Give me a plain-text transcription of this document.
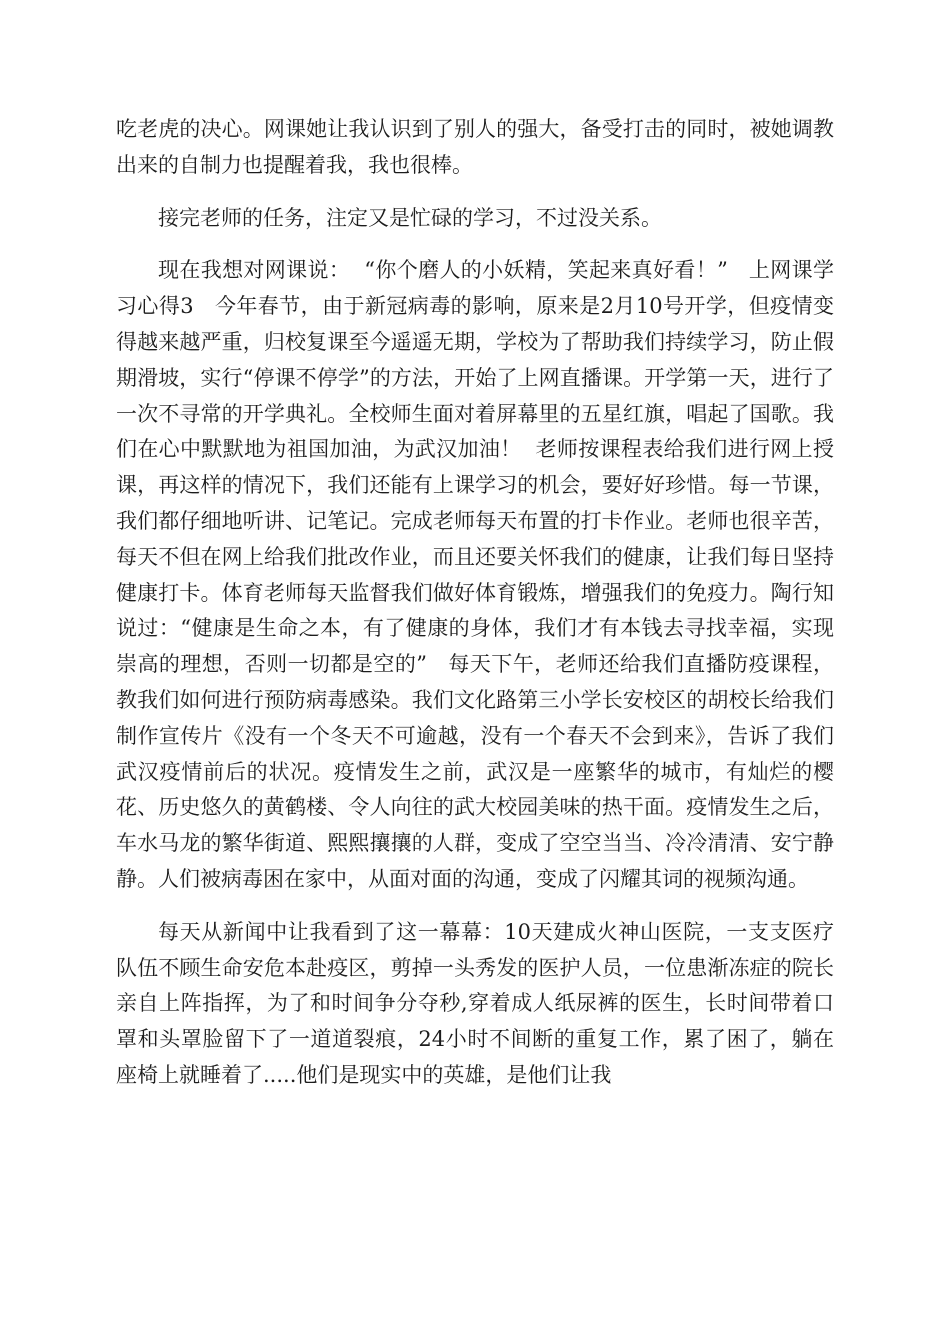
吃老虎的决心。网课她让我认识到了别人的强大，备受打击的同时，被她调教出来的自制力也提醒着我，我也很棒。

接完老师的任务，注定又是忙碌的学习，不过没关系。

现在我想对网课说：  “你个磨人的小妖精，笑起来真好看！”   上网课学习心得3   今年春节，由于新冠病毒的影响，原来是2月10号开学，但疫情变得越来越严重，归校复课至今遥遥无期，学校为了帮助我们持续学习，防止假期滑坡，实行“停课不停学”的方法，开始了上网直播课。开学第一天，进行了一次不寻常的开学典礼。全校师生面对着屏幕里的五星红旗，唱起了国歌。我们在心中默默地为祖国加油，为武汉加油！  老师按课程表给我们进行网上授课，再这样的情况下，我们还能有上课学习的机会，要好好珍惜。每一节课，我们都仔细地听讲、记笔记。完成老师每天布置的打卡作业。老师也很辛苦，每天不但在网上给我们批改作业，而且还要关怀我们的健康，让我们每日坚持健康打卡。体育老师每天监督我们做好体育锻炼，增强我们的免疫力。陶行知说过：“健康是生命之本，有了健康的身体，我们才有本钱去寻找幸福，实现崇高的理想，否则一切都是空的”   每天下午，老师还给我们直播防疫课程，教我们如何进行预防病毒感染。我们文化路第三小学长安校区的胡校长给我们制作宣传片《没有一个冬天不可逾越，没有一个春天不会到来》，告诉了我们武汉疫情前后的状况。疫情发生之前，武汉是一座繁华的城市，有灿烂的樱花、历史悠久的黄鹤楼、令人向往的武大校园美味的热干面。疫情发生之后，车水马龙的繁华街道、熙熙攘攘的人群，变成了空空当当、冷冷清清、安宁静静。人们被病毒困在家中，从面对面的沟通，变成了闪耀其词的视频沟通。

每天从新闻中让我看到了这一幕幕：10天建成火神山医院，一支支医疗队伍不顾生命安危本赴疫区，剪掉一头秀发的医护人员，一位患渐冻症的院长亲自上阵指挥，为了和时间争分夺秒,穿着成人纸尿裤的医生，长时间带着口罩和头罩脸留下了一道道裂痕，24小时不间断的重复工作，累了困了，躺在座椅上就睡着了.....他们是现实中的英雄，是他们让我
